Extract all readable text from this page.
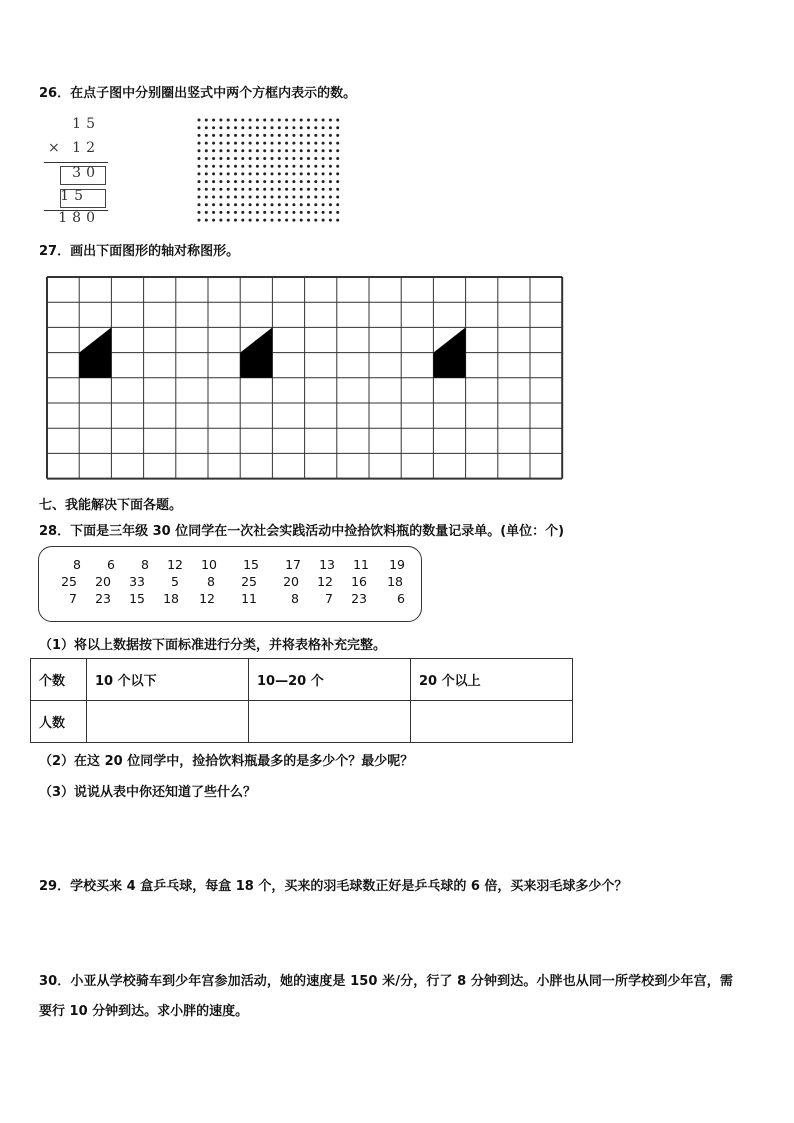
26．在点子图中分别圈出竖式中两个方框内表示的数。
15
× 12
30
15
180
27．画出下面图形的轴对称图形。
七、我能解决下面各题。
28．下面是三年级 30 位同学在一次社会实践活动中捡拾饮料瓶的数量记录单。(单位：个)
8	6	8	12	10	15	17	13	11	19
25	20	33	5	8	25	20	12	16	18
7	23	15	18	12	11	8	7	23	6
（1）将以上数据按下面标准进行分类，并将表格补充完整。
个数	10 个以下	10—20 个	20 个以上
人数			
（2）在这 20 位同学中，捡拾饮料瓶最多的是多少个？最少呢？
（3）说说从表中你还知道了些什么？
29．学校买来 4 盒乒乓球，每盒 18 个，买来的羽毛球数正好是乒乓球的 6 倍，买来羽毛球多少个？
30．小亚从学校骑车到少年宫参加活动，她的速度是 150 米/分，行了 8 分钟到达。小胖也从同一所学校到少年宫，需
要行 10 分钟到达。求小胖的速度。
